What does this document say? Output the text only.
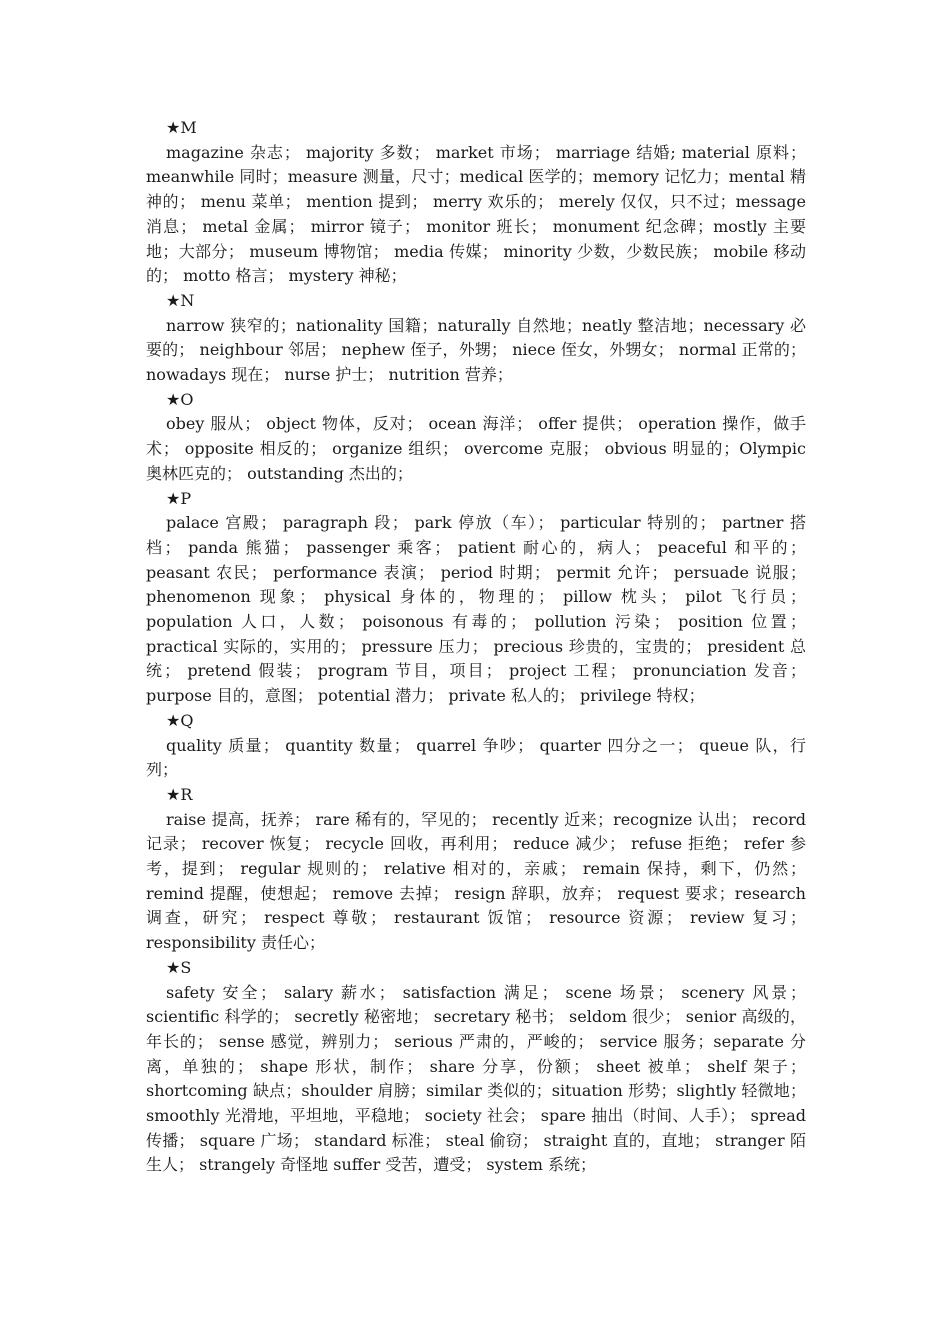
★M
magazine 杂志； majority 多数； market 市场； marriage 结婚; material 原料；meanwhile 同时；measure 测量，尺寸；medical 医学的；memory 记忆力；mental 精神的； menu 菜单； mention 提到； merry 欢乐的； merely 仅仅，只不过；message 消息； metal 金属； mirror 镜子； monitor 班长； monument 纪念碑；mostly 主要地；大部分； museum 博物馆； media 传媒； minority 少数，少数民族； mobile 移动的； motto 格言； mystery 神秘；
★N
narrow 狭窄的；nationality 国籍；naturally 自然地；neatly 整洁地；necessary 必要的； neighbour 邻居； nephew 侄子，外甥； niece 侄女，外甥女； normal 正常的； nowadays 现在； nurse 护士； nutrition 营养；
★O
obey 服从； object 物体，反对； ocean 海洋； offer 提供； operation 操作，做手术； opposite 相反的； organize 组织； overcome 克服； obvious 明显的；Olympic 奥林匹克的； outstanding 杰出的；
★P
palace 宫殿； paragraph 段； park 停放（车）； particular 特别的； partner 搭档； panda 熊猫； passenger 乘客； patient 耐心的，病人； peaceful 和平的；peasant 农民； performance 表演； period 时期； permit 允许； persuade 说服；phenomenon 现象； physical 身体的，物理的； pillow 枕头； pilot 飞行员；population 人口，人数； poisonous 有毒的； pollution 污染； position 位置；practical 实际的，实用的； pressure 压力； precious 珍贵的，宝贵的； president 总统； pretend 假装； program 节目，项目； project 工程； pronunciation 发音；purpose 目的，意图； potential 潜力； private 私人的； privilege 特权；
★Q
quality 质量； quantity 数量； quarrel 争吵； quarter 四分之一； queue 队，行列；
★R
raise 提高，抚养； rare 稀有的，罕见的； recently 近来；recognize 认出； record 记录； recover 恢复； recycle 回收，再利用； reduce 减少； refuse 拒绝； refer 参考，提到； regular 规则的； relative 相对的，亲戚； remain 保持，剩下，仍然； remind 提醒，使想起； remove 去掉； resign 辞职，放弃； request 要求；research 调查，研究； respect 尊敬； restaurant 饭馆； resource 资源； review 复习； responsibility 责任心；
★S
safety 安全； salary 薪水； satisfaction 满足； scene 场景； scenery 风景；scientific 科学的； secretly 秘密地； secretary 秘书； seldom 很少； senior 高级的，年长的； sense 感觉，辨别力； serious 严肃的，严峻的； service 服务；separate 分离，单独的； shape 形状，制作； share 分享，份额； sheet 被单； shelf 架子；shortcoming 缺点；shoulder 肩膀；similar 类似的；situation 形势；slightly 轻微地； smoothly 光滑地，平坦地，平稳地； society 社会； spare 抽出（时间、人手）； spread 传播； square 广场； standard 标准； steal 偷窃； straight 直的，直地； stranger 陌生人； strangely 奇怪地 suffer 受苦，遭受； system 系统；
